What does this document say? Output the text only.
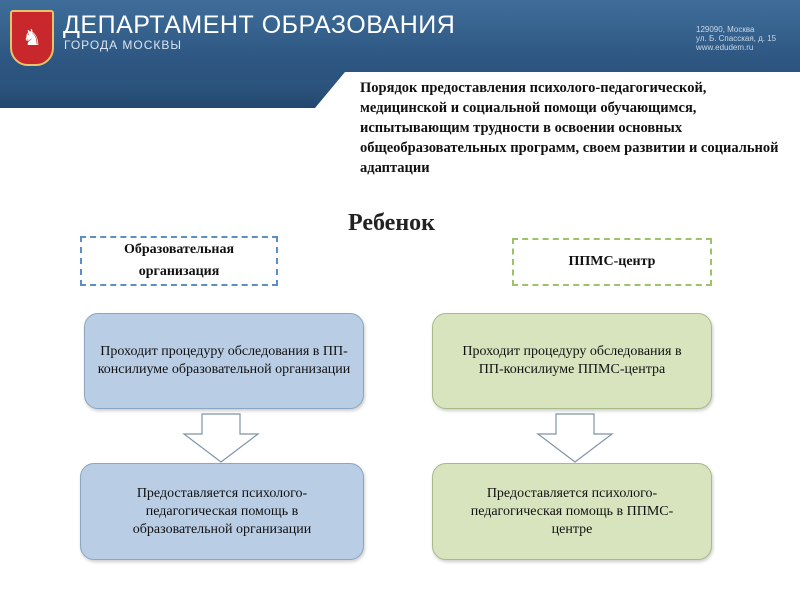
♞ ДЕПАРТАМЕНТ ОБРАЗОВАНИЯ
ГОРОДА МОСКВЫ
129090, Москва
ул. Б. Спасская, д. 15
www.edudem.ru
Порядок предоставления психолого-педагогической, медицинской и социальной помощи обучающимся, испытывающим трудности в освоении основных общеобразовательных программ, своем развитии и социальной адаптации
Ребенок
Образовательная организация
ППМС-центр
Проходит процедуру обследования в ПП-консилиуме образовательной организации
Проходит процедуру обследования в ПП-консилиуме ППМС-центра
Предоставляется психолого-педагогическая помощь в образовательной организации
Предоставляется психолого-педагогическая помощь в ППМС-центре
